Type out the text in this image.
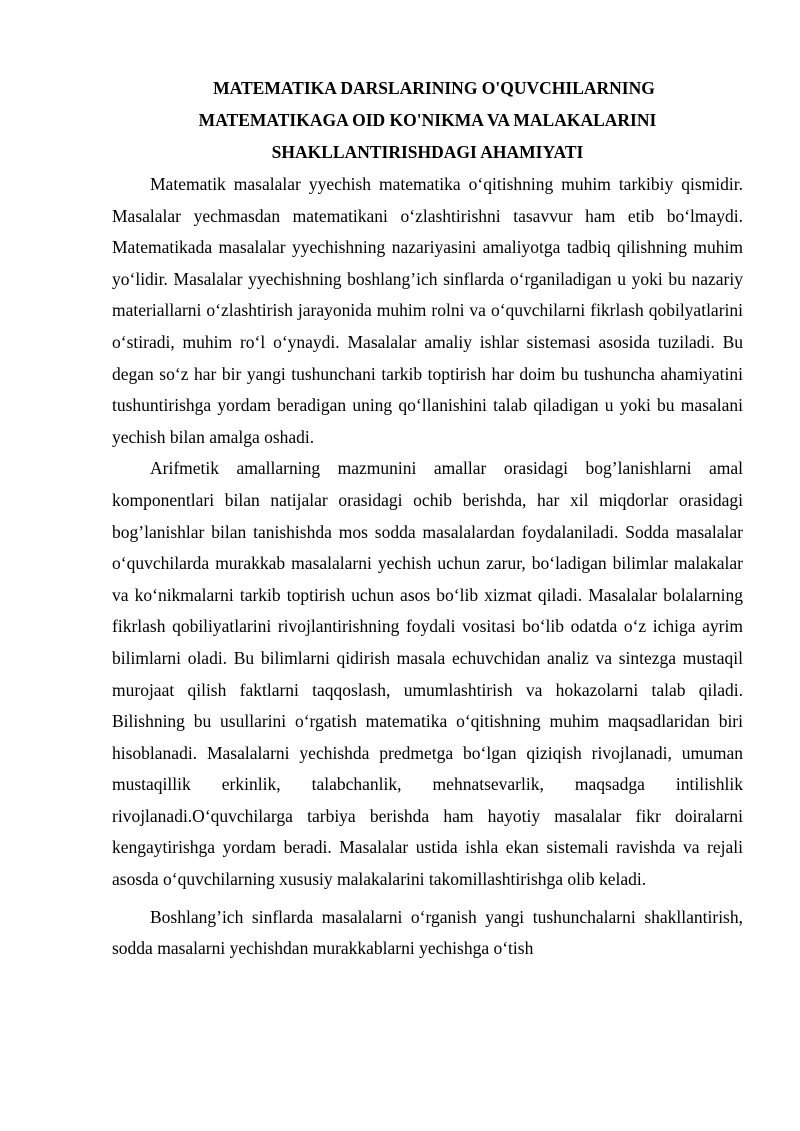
MATEMATIKA DARSLARINING O'QUVCHILARNING
MATEMATIKAGA OID KO'NIKMA VA MALAKALARINI
SHAKLLANTIRISHDAGI AHAMIYATI

Matematik masalalar yyechish matematika o‘qitishning muhim tarkibiy qismidir. Masalalar yechmasdan matematikani o‘zlashtirishni tasavvur ham etib bo‘lmaydi. Matematikada masalalar yyechishning nazariyasini amaliyotga tadbiq qilishning muhim yo‘lidir. Masalalar yyechishning boshlang’ich sinflarda o‘rganiladigan u yoki bu nazariy materiallarni o‘zlashtirish jarayonida muhim rolni va o‘quvchilarni fikrlash qobilyatlarini o‘stiradi, muhim ro‘l o‘ynaydi. Masalalar amaliy ishlar sistemasi asosida tuziladi. Bu degan so‘z har bir yangi tushunchani tarkib toptirish har doim bu tushuncha ahamiyatini tushuntirishga yordam beradigan uning qo‘llanishini talab qiladigan u yoki bu masalani yechish bilan amalga oshadi.

Arifmetik amallarning mazmunini amallar orasidagi bog’lanishlarni amal komponentlari bilan natijalar orasidagi ochib berishda, har xil miqdorlar orasidagi bog’lanishlar bilan tanishishda mos sodda masalalardan foydalaniladi. Sodda masalalar o‘quvchilarda murakkab masalalarni yechish uchun zarur, bo‘ladigan bilimlar malakalar va ko‘nikmalarni tarkib toptirish uchun asos bo‘lib xizmat qiladi. Masalalar bolalarning fikrlash qobiliyatlarini rivojlantirishning foydali vositasi bo‘lib odatda o‘z ichiga ayrim bilimlarni oladi. Bu bilimlarni qidirish masala echuvchidan analiz va sintezga mustaqil murojaat qilish faktlarni taqqoslash, umumlashtirish va hokazolarni talab qiladi. Bilishning bu usullarini o‘rgatish matematika o‘qitishning muhim maqsadlaridan biri hisoblanadi. Masalalarni yechishda predmetga bo‘lgan qiziqish rivojlanadi, umuman mustaqillik erkinlik, talabchanlik, mehnatsevarlik, maqsadga intilishlik rivojlanadi.O‘quvchilarga tarbiya berishda ham hayotiy masalalar fikr doiralarni kengaytirishga yordam beradi. Masalalar ustida ishla ekan sistemali ravishda va rejali asosda o‘quvchilarning xususiy malakalarini takomillashtirishga olib keladi.

Boshlang’ich sinflarda masalalarni o‘rganish yangi tushunchalarni shakllantirish, sodda masalarni yechishdan murakkablarni yechishga o‘tish
